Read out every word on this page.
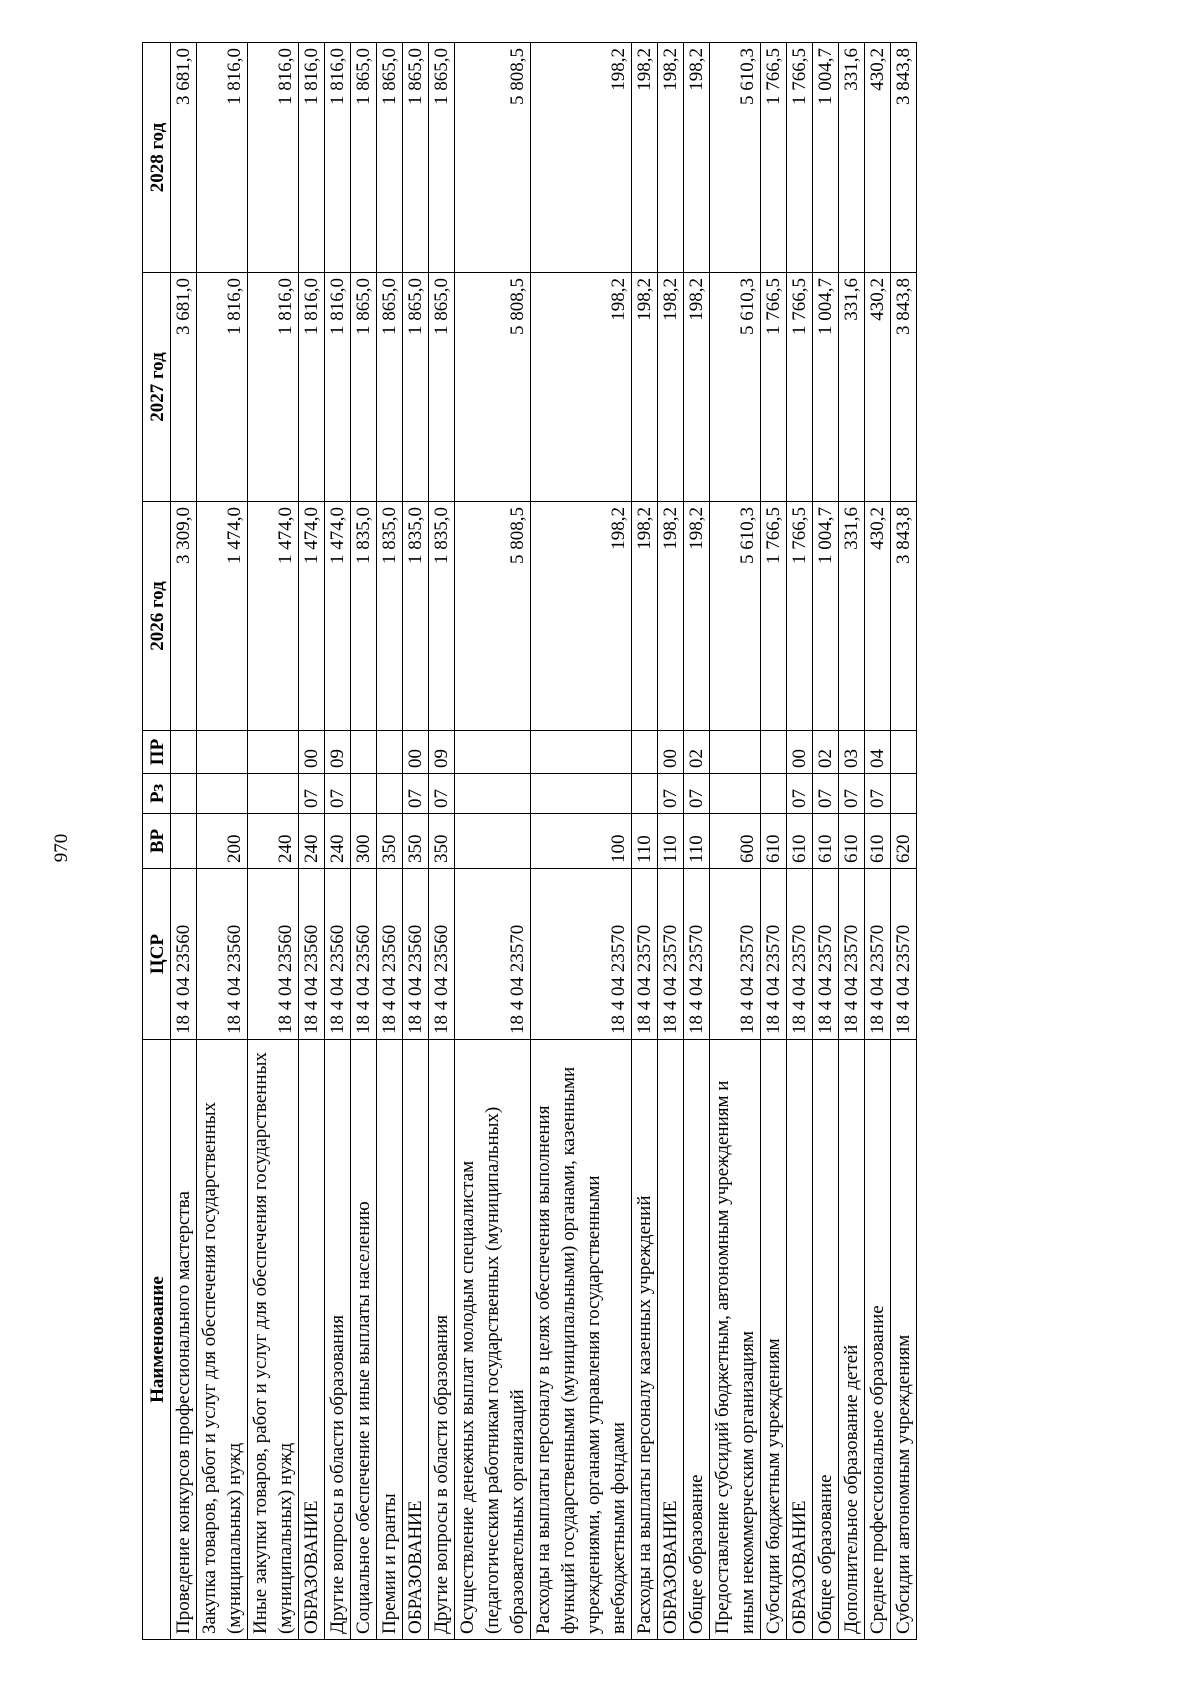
970
Наименование	ЦСР	ВР	Рз	ПР	2026 год	2027 год	2028 год
Проведение конкурсов профессионального мастерства	18 4 04 23560				3 309,0	3 681,0	3 681,0
Закупка товаров, работ и услуг для обеспечения государственных (муниципальных) нужд	18 4 04 23560	200			1 474,0	1 816,0	1 816,0
Иные закупки товаров, работ и услуг для обеспечения государственных (муниципальных) нужд	18 4 04 23560	240			1 474,0	1 816,0	1 816,0
ОБРАЗОВАНИЕ	18 4 04 23560	240	07	00	1 474,0	1 816,0	1 816,0
Другие вопросы в области образования	18 4 04 23560	240	07	09	1 474,0	1 816,0	1 816,0
Социальное обеспечение и иные выплаты населению	18 4 04 23560	300			1 835,0	1 865,0	1 865,0
Премии и гранты	18 4 04 23560	350			1 835,0	1 865,0	1 865,0
ОБРАЗОВАНИЕ	18 4 04 23560	350	07	00	1 835,0	1 865,0	1 865,0
Другие вопросы в области образования	18 4 04 23560	350	07	09	1 835,0	1 865,0	1 865,0
Осуществление денежных выплат молодым специалистам (педагогическим работникам государственных (муниципальных) образовательных организаций	18 4 04 23570				5 808,5	5 808,5	5 808,5
Расходы на выплаты персоналу в целях обеспечения выполнения функций государственными (муниципальными) органами, казенными учреждениями, органами управления государственными внебюджетными фондами	18 4 04 23570	100			198,2	198,2	198,2
Расходы на выплаты персоналу казенных учреждений	18 4 04 23570	110			198,2	198,2	198,2
ОБРАЗОВАНИЕ	18 4 04 23570	110	07	00	198,2	198,2	198,2
Общее образование	18 4 04 23570	110	07	02	198,2	198,2	198,2
Предоставление субсидий бюджетным, автономным учреждениям и иным некоммерческим организациям	18 4 04 23570	600			5 610,3	5 610,3	5 610,3
Субсидии бюджетным учреждениям	18 4 04 23570	610			1 766,5	1 766,5	1 766,5
ОБРАЗОВАНИЕ	18 4 04 23570	610	07	00	1 766,5	1 766,5	1 766,5
Общее образование	18 4 04 23570	610	07	02	1 004,7	1 004,7	1 004,7
Дополнительное образование детей	18 4 04 23570	610	07	03	331,6	331,6	331,6
Среднее профессиональное образование	18 4 04 23570	610	07	04	430,2	430,2	430,2
Субсидии автономным учреждениям	18 4 04 23570	620			3 843,8	3 843,8	3 843,8
